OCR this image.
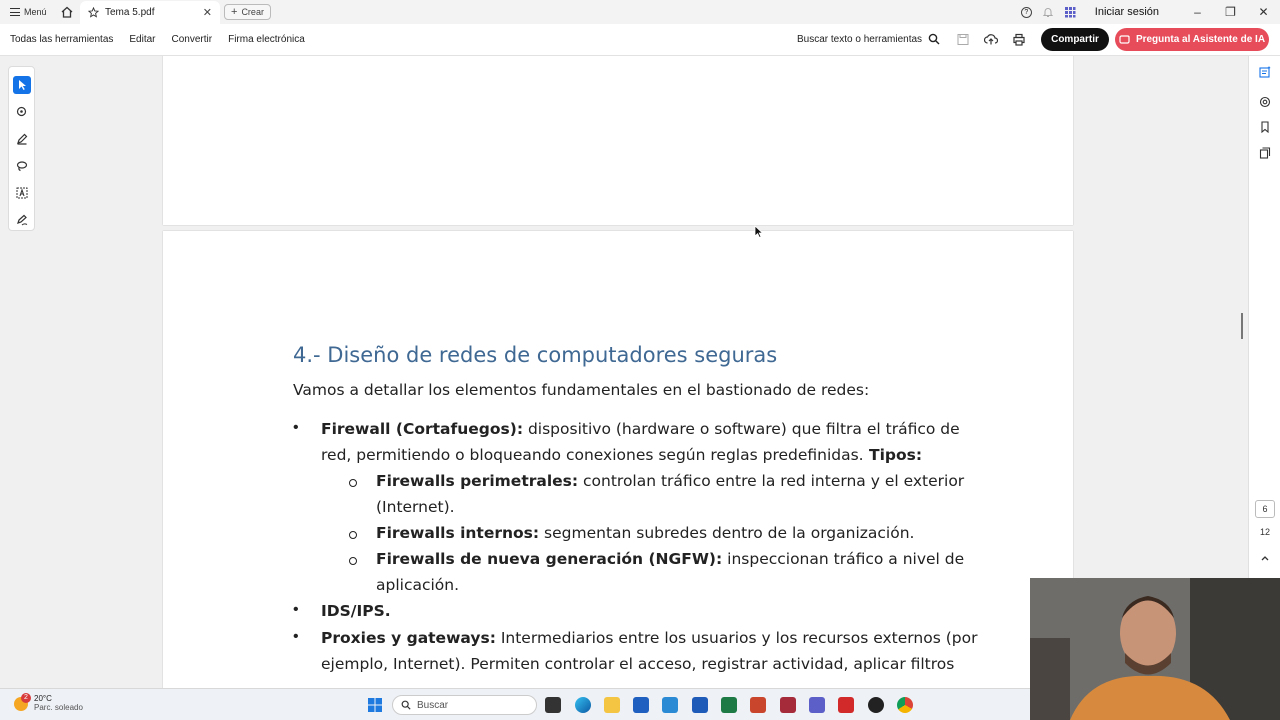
Menú	Tema 5.pdf	✕ + Crear	?	Iniciar sesión	–	❐	✕
Todas las herramientas Editar Convertir Firma electrónica	Buscar texto o herramientas	Compartir	Pregunta al Asistente de IA
4.- Diseño de redes de computadores seguras
Vamos a detallar los elementos fundamentales en el bastionado de redes:
• Firewall (Cortafuegos): dispositivo (hardware o software) que filtra el tráfico de
red, permitiendo o bloqueando conexiones según reglas predefinidas. Tipos:
Firewalls perimetrales: controlan tráfico entre la red interna y el exterior
(Internet).
Firewalls internos: segmentan subredes dentro de la organización.
Firewalls de nueva generación (NGFW): inspeccionan tráfico a nivel de
aplicación.
• IDS/IPS.
• Proxies y gateways: Intermediarios entre los usuarios y los recursos externos (por
ejemplo, Internet). Permiten controlar el acceso, registrar actividad, aplicar filtros
6
12
2 20°C
Parc. soleado	Buscar
